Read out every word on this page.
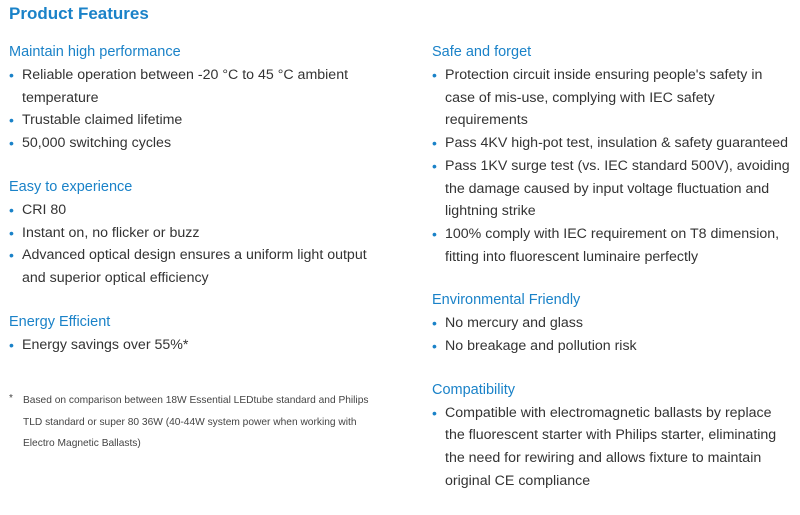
Product Features
Maintain high performance
• Reliable operation between -20 °C to 45 °C ambient temperature
• Trustable claimed lifetime
• 50,000 switching cycles
Easy to experience
• CRI 80
• Instant on, no flicker or buzz
• Advanced optical design ensures a uniform light output and superior optical efficiency
Energy Efficient
• Energy savings over 55%*
* Based on comparison between 18W Essential LEDtube standard and Philips TLD standard or super 80 36W (40-44W system power when working with Electro Magnetic Ballasts)
Safe and forget
• Protection circuit inside ensuring people's safety in case of mis-use, complying with IEC safety requirements
• Pass 4KV high-pot test, insulation & safety guaranteed
• Pass 1KV surge test (vs. IEC standard 500V), avoiding the damage caused by input voltage fluctuation and lightning strike
• 100% comply with IEC requirement on T8 dimension, fitting into fluorescent luminaire perfectly
Environmental Friendly
• No mercury and glass
• No breakage and pollution risk
Compatibility
• Compatible with electromagnetic ballasts by replace the fluorescent starter with Philips starter, eliminating the need for rewiring and allows fixture to maintain original CE compliance
